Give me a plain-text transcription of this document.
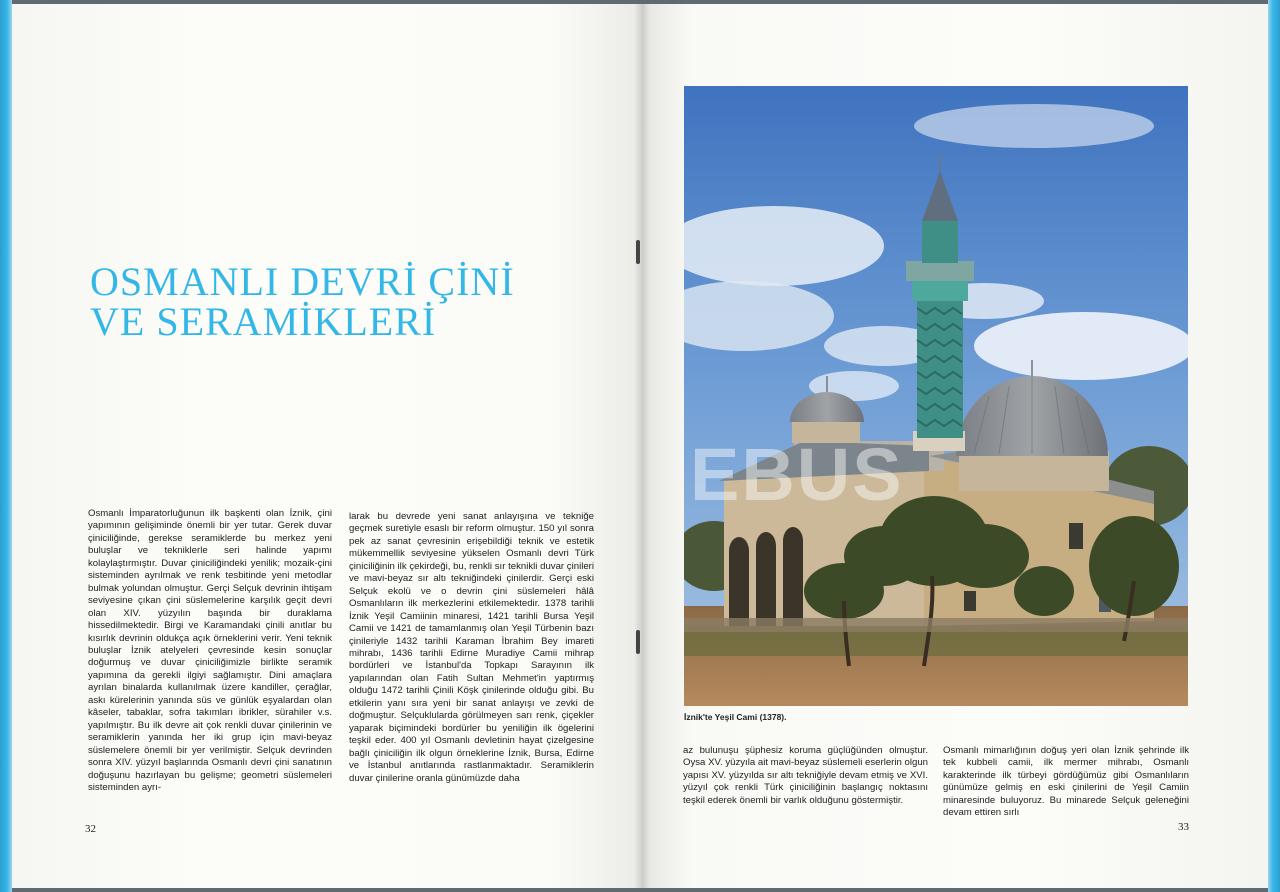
OSMANLI DEVRİ ÇİNİ
VE SERAMİKLERİ

Osmanlı İmparatorluğunun ilk başkenti olan İznik, çini yapımının gelişiminde önemli bir yer tutar. Gerek duvar çiniciliğinde, gerekse seramiklerde bu merkez yeni buluşlar ve tekniklerle seri halinde yapımı kolaylaştırmıştır. Duvar çiniciliğindeki yenilik; mozaik-çini sisteminden ayrılmak ve renk tesbitinde yeni metodlar bulmak yolundan olmuştur. Gerçi Selçuk devrinin ihtişam seviyesine çıkan çini süslemelerine karşılık geçit devri olan XIV. yüzyılın başında bir duraklama hissedilmektedir. Birgi ve Karamandaki çinili anıtlar bu kısırlık devrinin oldukça açık örneklerini verir. Yeni teknik buluşlar İznik atelyeleri çevresinde kesin sonuçlar doğurmuş ve duvar çiniciliğimizle birlikte seramik yapımına da gerekli ilgiyi sağlamıştır. Dini amaçlara ayrılan binalarda kullanılmak üzere kandiller, çerağlar, askı kürelerinin yanında süs ve günlük eşyalardan olan kâseler, tabaklar, sofra takımları ibrikler, sürahiler v.s. yapılmıştır. Bu ilk devre ait çok renkli duvar çinilerinin ve seramiklerin yanında her iki grup için mavi-beyaz süslemelere önemli bir yer verilmiştir. Selçuk devrinden sonra XIV. yüzyıl başlarında Osmanlı devri çini sanatının doğuşunu hazırlayan bu gelişme; geometri süslemeleri sisteminden ayrı-

larak bu devrede yeni sanat anlayışına ve tekniğe geçmek suretiyle esaslı bir reform olmuştur. 150 yıl sonra pek az sanat çevresinin erişebildiği teknik ve estetik mükemmellik seviyesine yükselen Osmanlı devri Türk çiniciliğinin ilk çekirdeği, bu, renkli sır teknikli duvar çinileri ve mavi-beyaz sır altı tekniğindeki çinilerdir. Gerçi eski Selçuk ekolü ve o devrin çini süslemeleri hâlâ Osmanlıların ilk merkezlerini etkilemektedir. 1378 tarihli İznik Yeşil Camiinin minaresi, 1421 tarihli Bursa Yeşil Camii ve 1421 de tamamlanmış olan Yeşil Türbenin bazı çinileriyle 1432 tarihli Karaman İbrahim Bey imareti mihrabı, 1436 tarihli Edirne Muradiye Camii mihrap bordürleri ve İstanbul'da Topkapı Sarayının ilk yapılarından olan Fatih Sultan Mehmet'in yaptırmış olduğu 1472 tarihli Çinili Köşk çinilerinde olduğu gibi. Bu etkilerin yanı sıra yeni bir sanat anlayışı ve zevki de doğmuştur. Selçuklularda görülmeyen sarı renk, çiçekler yaparak biçimindeki bordürler bu yeniliğin ilk ögelerini teşkil eder. 400 yıl Osmanlı devletinin hayat çizelgesine bağlı çiniciliğin ilk olgun örneklerine İznik, Bursa, Edirne ve İstanbul anıtlarında rastlanmaktadır. Seramiklerin duvar çinilerine oranla günümüzde daha

32
EBUS
İznik'te Yeşil Cami (1378).

az bulunuşu şüphesiz koruma güçlüğünden olmuştur. Oysa XV. yüzyıla ait mavi-beyaz süslemeli eserlerin olgun yapısı XV. yüzyılda sır altı tekniğiyle devam etmiş ve XVI. yüzyıl çok renkli Türk çiniciliğinin başlangıç noktasını teşkil ederek önemli bir varlık olduğunu göstermiştir.

Osmanlı mimarlığının doğuş yeri olan İznik şehrinde ilk tek kubbeli camii, ilk mermer mihrabı, Osmanlı karakterinde ilk türbeyi gördüğümüz gibi Osmanlıların günümüze gelmiş en eski çinilerini de Yeşil Camiin minaresinde buluyoruz. Bu minarede Selçuk geleneğini devam ettiren sırlı

33
